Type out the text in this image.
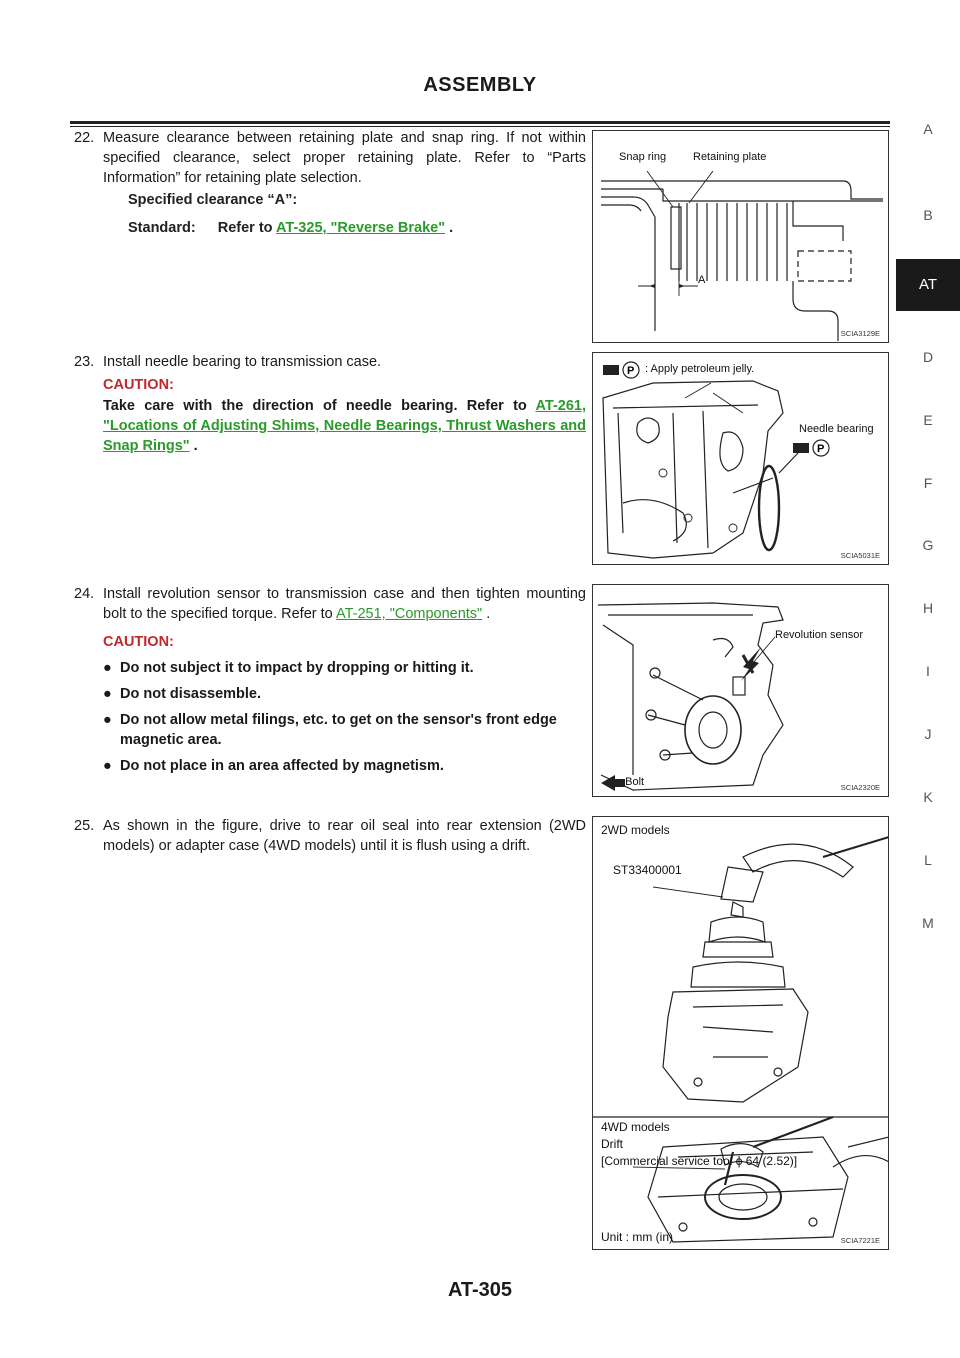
ASSEMBLY
A
B
AT
D
E
F
G
H
I
J
K
L
M
22. Measure clearance between retaining plate and snap ring. If not within specified clearance, select proper retaining plate. Refer to “Parts Information” for retaining plate selection.
Specified clearance “A”:
Standard: Refer to AT-325, "Reverse Brake" .
Snap ring Retaining plate
A
SCIA3129E
23. Install needle bearing to transmission case.
CAUTION:
Take care with the direction of needle bearing. Refer to AT-261, "Locations of Adjusting Shims, Needle Bearings, Thrust Washers and Snap Rings" .
P
P
: Apply petroleum jelly.
Needle bearing
SCIA5031E
24. Install revolution sensor to transmission case and then tighten mounting bolt to the specified torque. Refer to AT-251, "Components" .
CAUTION:
● Do not subject it to impact by dropping or hitting it.
● Do not disassemble.
● Do not allow metal filings, etc. to get on the sensor's front edge magnetic area.
● Do not place in an area affected by magnetism.
Revolution sensor
: Bolt	SCIA2320E
25. As shown in the figure, drive to rear oil seal into rear extension (2WD models) or adapter case (4WD models) until it is flush using a drift.
2WD models
ST33400001
4WD models
Drift
[Commercial service tool ϕ 64 (2.52)]
Unit : mm (in)	SCIA7221E
AT-305
